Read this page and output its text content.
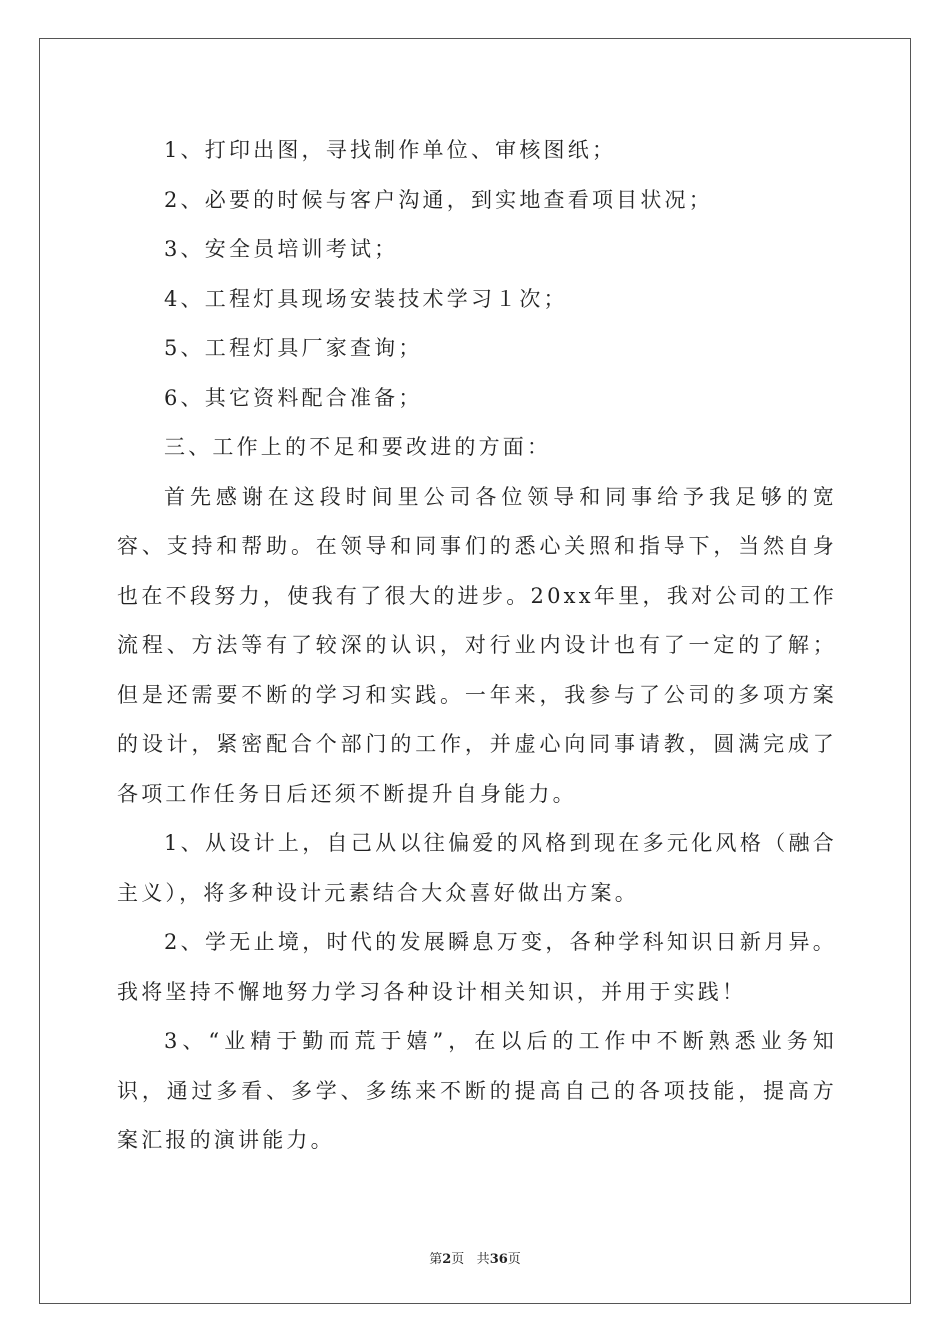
1、打印出图，寻找制作单位、审核图纸；

2、必要的时候与客户沟通，到实地查看项目状况；

3、安全员培训考试；

4、工程灯具现场安装技术学习１次；

5、工程灯具厂家查询；

6、其它资料配合准备；

三、工作上的不足和要改进的方面：

首先感谢在这段时间里公司各位领导和同事给予我足够的宽容、支持和帮助。在领导和同事们的悉心关照和指导下，当然自身也在不段努力，使我有了很大的进步。20xx年里，我对公司的工作流程、方法等有了较深的认识，对行业内设计也有了一定的了解；但是还需要不断的学习和实践。一年来，我参与了公司的多项方案的设计，紧密配合个部门的工作，并虚心向同事请教，圆满完成了各项工作任务日后还须不断提升自身能力。

1、从设计上，自己从以往偏爱的风格到现在多元化风格（融合主义），将多种设计元素结合大众喜好做出方案。

2、学无止境，时代的发展瞬息万变，各种学科知识日新月异。我将坚持不懈地努力学习各种设计相关知识，并用于实践！

3、“业精于勤而荒于嬉”，在以后的工作中不断熟悉业务知识，通过多看、多学、多练来不断的提高自己的各项技能，提高方案汇报的演讲能力。

第2页 共36页
